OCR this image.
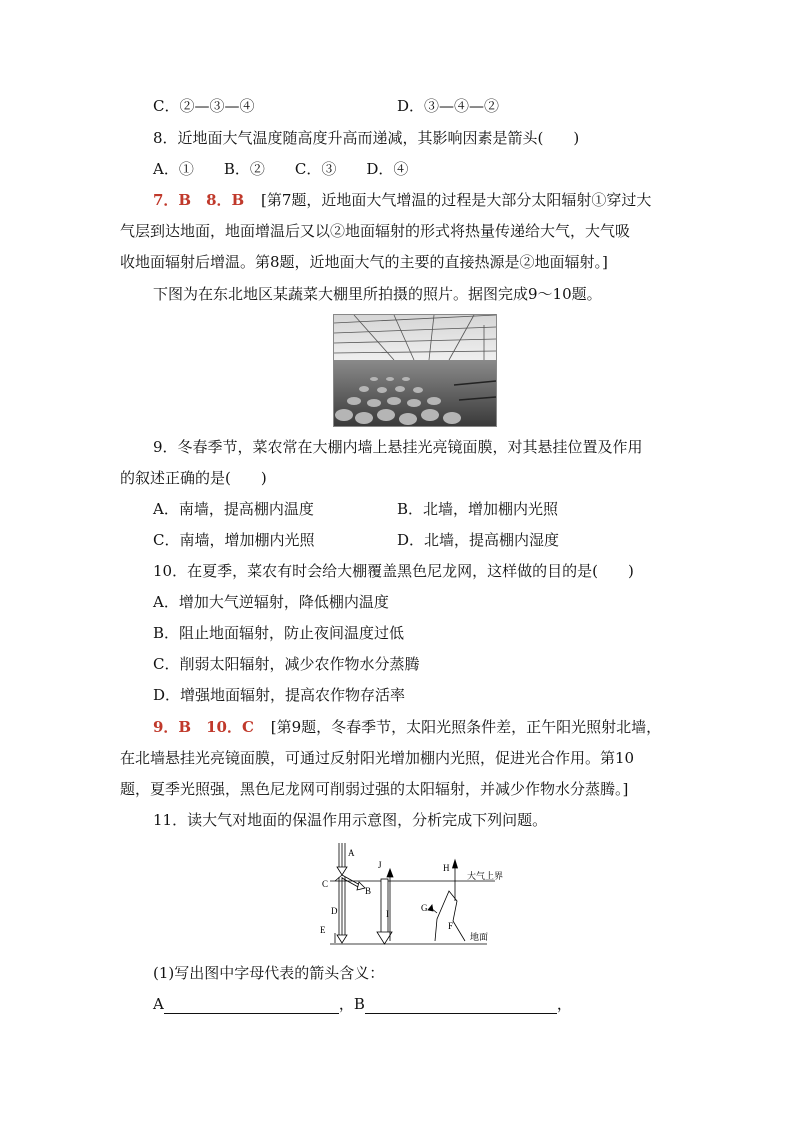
C．②—③—④	D．③—④—②
8．近地面大气温度随高度升高而递减，其影响因素是箭头(　　)
A．①　　B．②　　C．③　　D．④
7．B　8．B [第7题，近地面大气增温的过程是大部分太阳辐射①穿过大
气层到达地面，地面增温后又以②地面辐射的形式将热量传递给大气，大气吸
收地面辐射后增温。第8题，近地面大气的主要的直接热源是②地面辐射。]
下图为在东北地区某蔬菜大棚里所拍摄的照片。据图完成9～10题。
9．冬春季节，菜农常在大棚内墙上悬挂光亮镜面膜，对其悬挂位置及作用
的叙述正确的是(　　)
A．南墙，提高棚内温度	B．北墙，增加棚内光照
C．南墙，增加棚内光照	D．北墙，提高棚内湿度
10．在夏季，菜农有时会给大棚覆盖黑色尼龙网，这样做的目的是(　　)
A．增加大气逆辐射，降低棚内温度
B．阻止地面辐射，防止夜间温度过低
C．削弱太阳辐射，减少农作物水分蒸腾
D．增强地面辐射，提高农作物存活率
9．B　10．C [第9题，冬春季节，太阳光照条件差，正午阳光照射北墙，
在北墙悬挂光亮镜面膜，可通过反射阳光增加棚内光照，促进光合作用。第10
题，夏季光照强，黑色尼龙网可削弱过强的太阳辐射，并减少作物水分蒸腾。]
11．读大气对地面的保温作用示意图，分析完成下列问题。
A
B
C
D
E	F
G
H
I
J
大气上界
地面
(1)写出图中字母代表的箭头含义：
A	，B	，
